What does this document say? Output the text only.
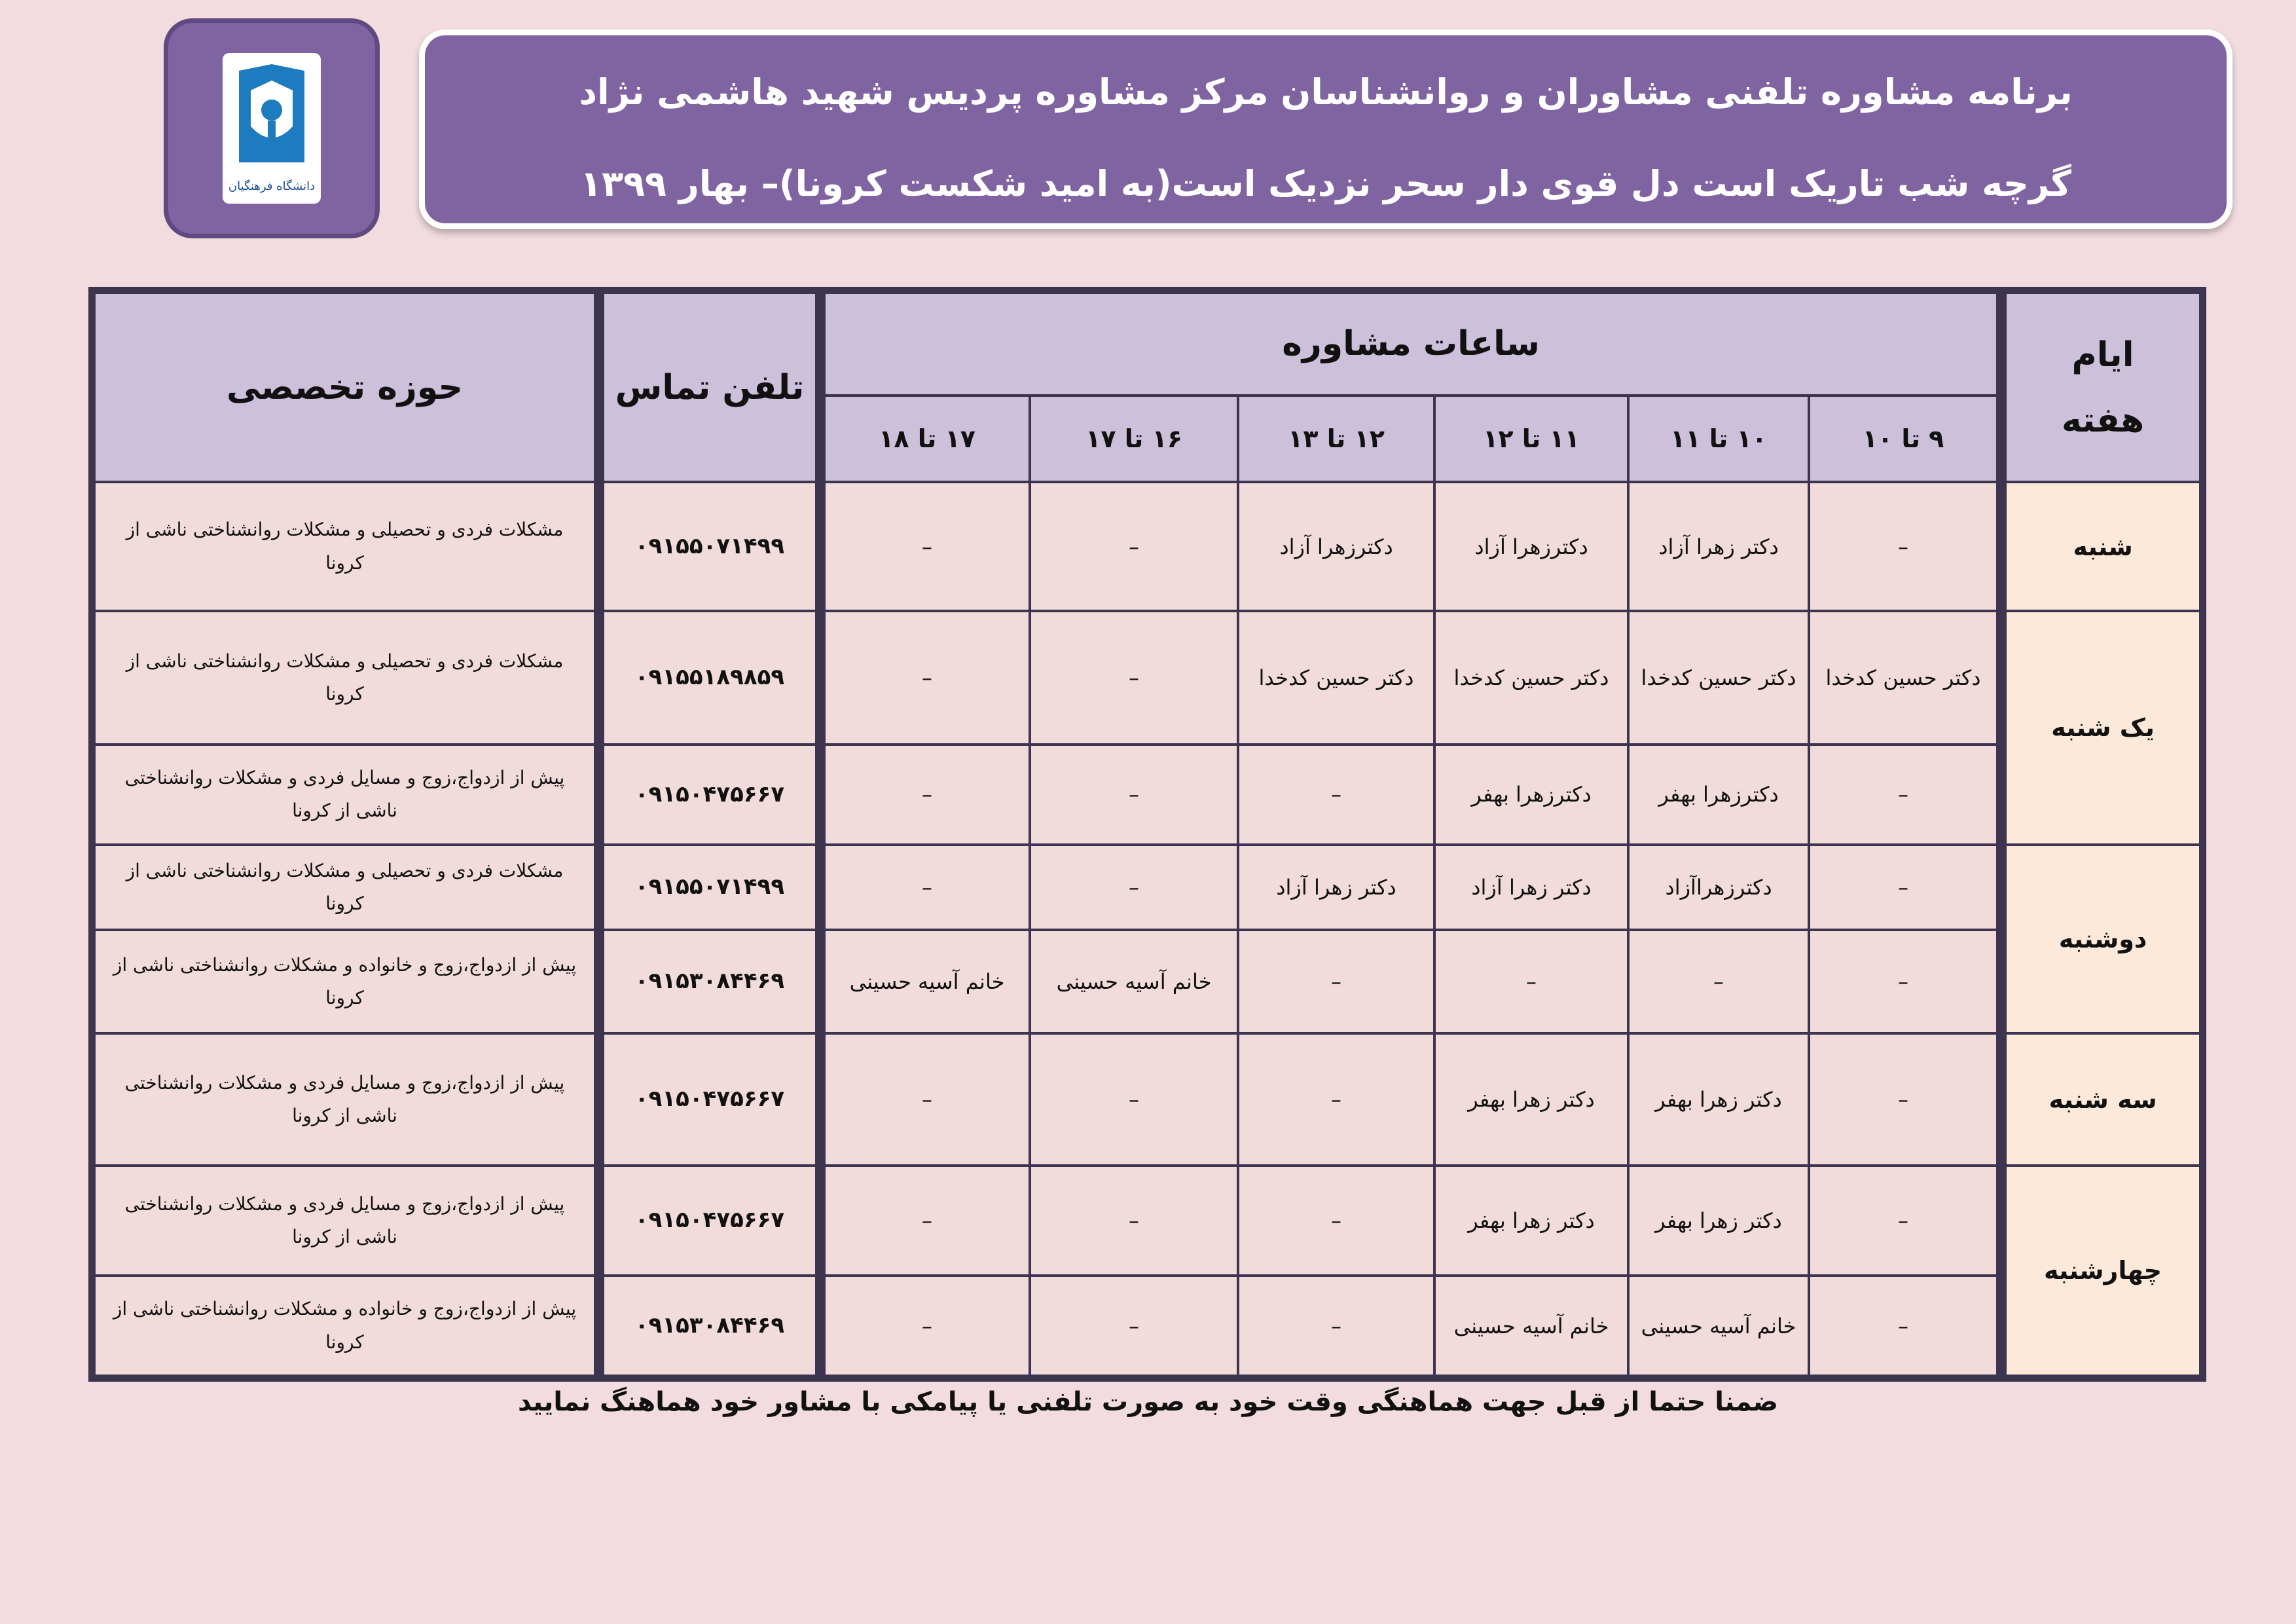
دانشگاه فرهنگیان
برنامه مشاوره تلفنی مشاوران و روانشناسان مرکز مشاوره پردیس شهید هاشمی نژاد
گرچه شب تاریک است دل قوی دار سحر نزدیک است(به امید شکست کرونا)– بهار ۱۳۹۹
ایام
هفته	ساعات مشاوره						تلفن تماس	حوزه تخصصی
	۹ تا ۱۰	۱۰ تا ۱۱	۱۱ تا ۱۲	۱۲ تا ۱۳	۱۶ تا ۱۷	۱۷ تا ۱۸		
شنبه	–	دکتر زهرا آزاد	دکترزهرا آزاد	دکترزهرا آزاد	–	–	۰۹۱۵۵۰۷۱۴۹۹	مشکلات فردی و تحصیلی و مشکلات روانشناختی ناشی از کرونا
یک شنبه	دکتر حسین کدخدا	دکتر حسین کدخدا	دکتر حسین کدخدا	دکتر حسین کدخدا	–	–	۰۹۱۵۵۱۸۹۸۵۹	مشکلات فردی و تحصیلی و مشکلات روانشناختی ناشی از کرونا
	–	دکترزهرا بهفر	دکترزهرا بهفر	–	–	–	۰۹۱۵۰۴۷۵۶۶۷	پیش از ازدواج،زوج و مسایل فردی و مشکلات روانشناختی ناشی از کرونا
دوشنبه	–	دکترزهراآزاد	دکتر زهرا آزاد	دکتر زهرا آزاد	–	–	۰۹۱۵۵۰۷۱۴۹۹	مشکلات فردی و تحصیلی و مشکلات روانشناختی ناشی از کرونا
	–	–	–	–	خانم آسیه حسینی	خانم آسیه حسینی	۰۹۱۵۳۰۸۴۴۶۹	پیش از ازدواج،زوج و خانواده و مشکلات روانشناختی ناشی از کرونا
سه شنبه	–	دکتر زهرا بهفر	دکتر زهرا بهفر	–	–	–	۰۹۱۵۰۴۷۵۶۶۷	پیش از ازدواج،زوج و مسایل فردی و مشکلات روانشناختی ناشی از کرونا
چهارشنبه	–	دکتر زهرا بهفر	دکتر زهرا بهفر	–	–	–	۰۹۱۵۰۴۷۵۶۶۷	پیش از ازدواج،زوج و مسایل فردی و مشکلات روانشناختی ناشی از کرونا
	–	خانم آسیه حسینی	خانم آسیه حسینی	–	–	–	۰۹۱۵۳۰۸۴۴۶۹	پیش از ازدواج،زوج و خانواده و مشکلات روانشناختی ناشی از کرونا
ضمنا حتما از قبل جهت هماهنگی وقت خود به صورت تلفنی یا پیامکی با مشاور خود هماهنگ نمایید
